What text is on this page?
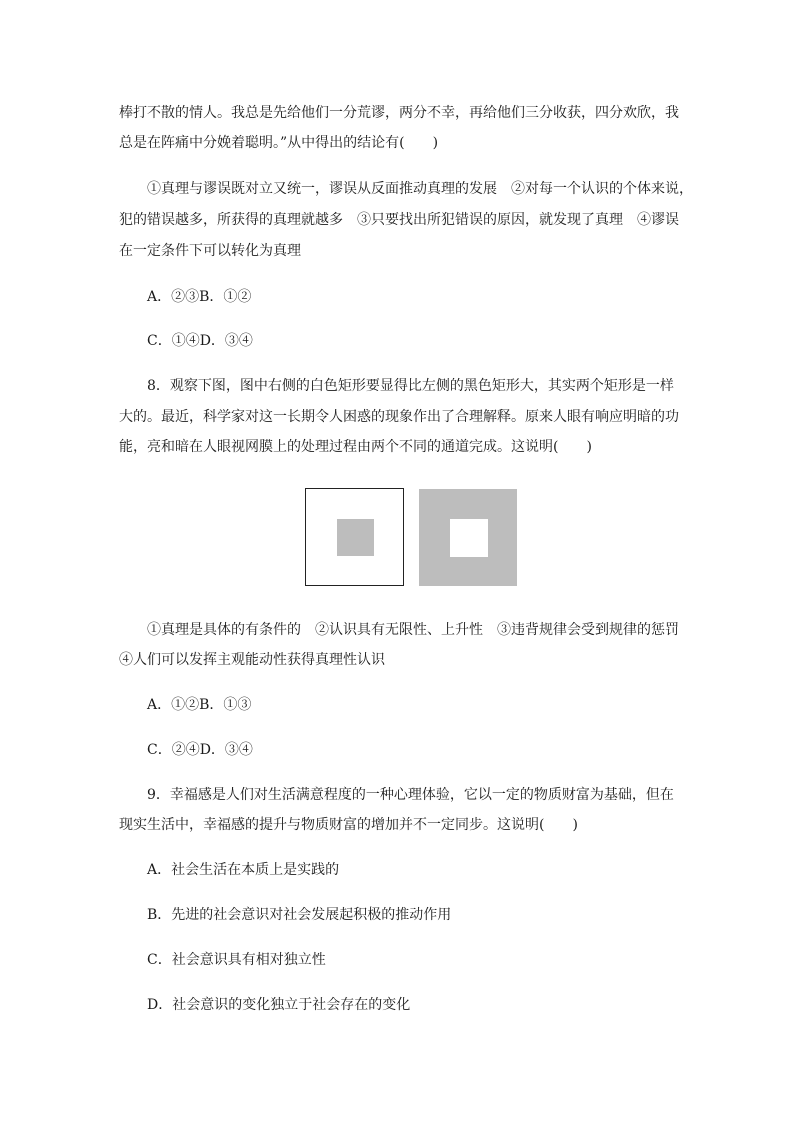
棒打不散的情人。我总是先给他们一分荒谬，两分不幸，再给他们三分收获，四分欢欣，我
总是在阵痛中分娩着聪明。”从中得出的结论有(　　)
①真理与谬误既对立又统一，谬误从反面推动真理的发展　②对每一个认识的个体来说，
犯的错误越多，所获得的真理就越多　③只要找出所犯错误的原因，就发现了真理　④谬误
在一定条件下可以转化为真理
A．②③B．①②
C．①④D．③④
8．观察下图，图中右侧的白色矩形要显得比左侧的黑色矩形大，其实两个矩形是一样
大的。最近，科学家对这一长期令人困惑的现象作出了合理解释。原来人眼有响应明暗的功
能，亮和暗在人眼视网膜上的处理过程由两个不同的通道完成。这说明(　　)
①真理是具体的有条件的　②认识具有无限性、上升性　③违背规律会受到规律的惩罚
④人们可以发挥主观能动性获得真理性认识
A．①②B．①③
C．②④D．③④
9．幸福感是人们对生活满意程度的一种心理体验，它以一定的物质财富为基础，但在
现实生活中，幸福感的提升与物质财富的增加并不一定同步。这说明(　　)
A．社会生活在本质上是实践的
B．先进的社会意识对社会发展起积极的推动作用
C．社会意识具有相对独立性
D．社会意识的变化独立于社会存在的变化
